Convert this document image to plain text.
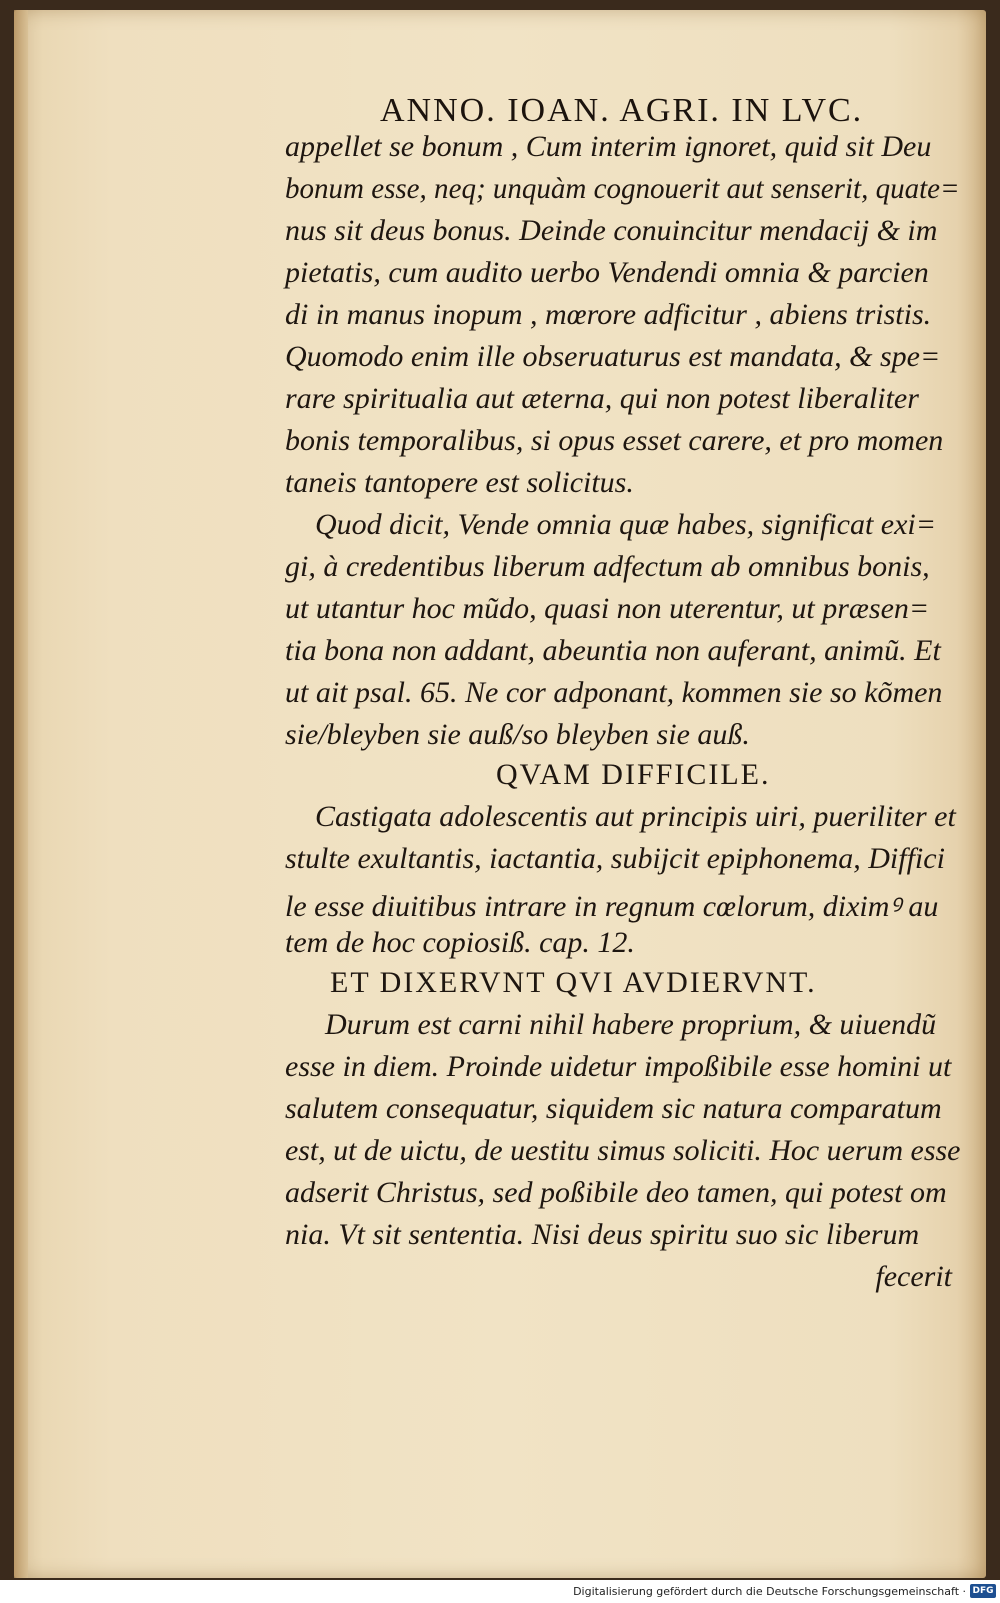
ANNO. IOAN. AGRI. IN LVC.
appellet se bonum , Cum interim ignoret, quid sit Deu
bonum esse, neq; unquàm cognouerit aut senserit, quate=
nus sit deus bonus. Deinde conuincitur mendacij & im
pietatis, cum audito uerbo Vendendi omnia & parcien
di in manus inopum , mœrore adficitur , abiens tristis.
Quomodo enim ille obseruaturus est mandata, & spe=
rare spiritualia aut æterna, qui non potest liberaliter
bonis temporalibus, si opus esset carere, et pro momen
taneis tantopere est solicitus.
Quod dicit, Vende omnia quæ habes, significat exi=
gi, à credentibus liberum adfectum ab omnibus bonis,
ut utantur hoc mũdo, quasi non uterentur, ut præsen=
tia bona non addant, abeuntia non auferant, animũ. Et
ut ait psal. 65. Ne cor adponant, kommen sie so kõmen
sie/bleyben sie auß/so bleyben sie auß.
QVAM DIFFICILE.
Castigata adolescentis aut principis uiri, pueriliter et
stulte exultantis, iactantia, subijcit epiphonema, Diffici
le esse diuitibus intrare in regnum cœlorum, diximꝰ au
tem de hoc copiosiß. cap. 12.
ET DIXERVNT QVI AVDIERVNT.
Durum est carni nihil habere proprium, & uiuendũ
esse in diem. Proinde uidetur impoßibile esse homini ut
salutem consequatur, siquidem sic natura comparatum
est, ut de uictu, de uestitu simus soliciti. Hoc uerum esse
adserit Christus, sed poßibile deo tamen, qui potest om
nia. Vt sit sententia. Nisi deus spiritu suo sic liberum
fecerit
Digitalisierung gefördert durch die Deutsche Forschungsgemeinschaft · DFG
